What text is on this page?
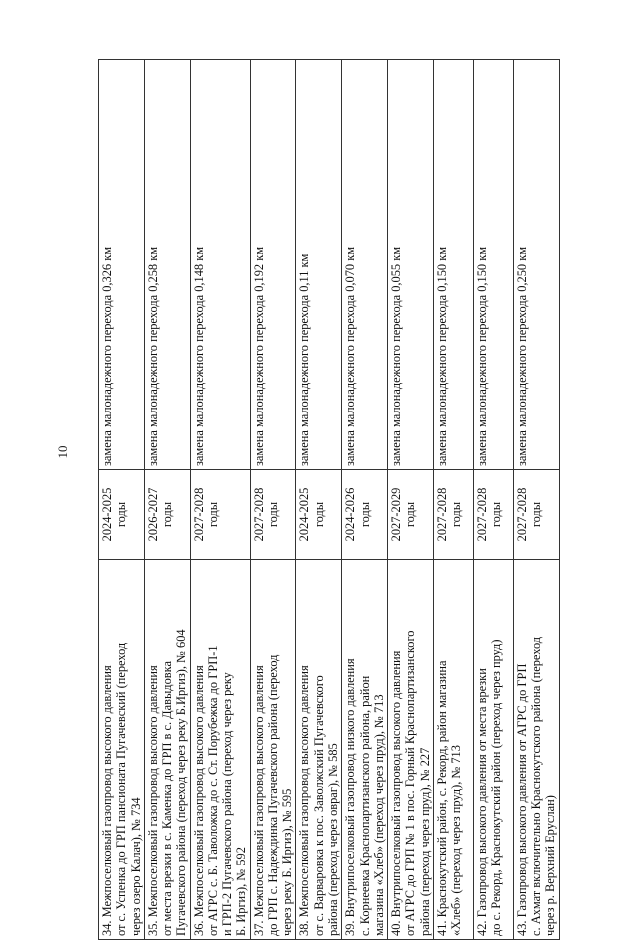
10
34. Межпоселковый газопровод высокого давления от с. Успенка до ГРП пансионата Пугачевский (переход через озеро Калач), № 734	2024-2025 годы	замена малонадежного перехода 0,326 км

35. Межпоселковый газопровод высокого давления от места врезки в с. Каменка до ГРП в с. Давыдовка Пугачевского района (переход через реку Б.Иргиз), № 604	2026-2027 годы	замена малонадежного перехода 0,258 км

36. Межпоселковый газопровод высокого давления от АГРС с. Б. Таволожка до с. Ст. Порубежка до ГРП-1 и ГРП-2 Пугачевского района (переход через реку Б. Иргиз), № 592	2027-2028 годы	замена малонадежного перехода 0,148 км

37. Межпоселковый газопровод высокого давления до ГРП с. Надеждинка Пугачевского района (переход через реку Б. Иргиз), № 595	2027-2028 годы	замена малонадежного перехода 0,192 км

38. Межпоселковый газопровод высокого давления от с. Варваровка к пос. Заволжский Пугачевского района (переход через овраг), № 585	2024-2025 годы	замена малонадежного перехода 0,11 км

39. Внутрипоселковый газопровод низкого давления с. Корнеевка Краснопартизанского района, район магазина «Хлеб» (переход через пруд), № 713	2024-2026 годы	замена малонадежного перехода 0,070 км

40. Внутрипоселковый газопровод высокого давления от АГРС до ГРП № 1 в пос. Горный Краснопартизанского района (переход через пруд), № 227	2027-2029 годы	замена малонадежного перехода 0,055 км

41. Краснокутский район, с. Рекорд, район магазина «Хлеб» (переход через пруд), № 713	2027-2028 годы	замена малонадежного перехода 0,150 км

42. Газопровод высокого давления от места врезки до с. Рекорд, Краснокутский район (переход через пруд)	2027-2028 годы	замена малонадежного перехода 0,150 км

43. Газопровод высокого давления от АГРС до ГРП с. Ахмат включительно Краснокутского района (переход через р. Верхний Еруслан)	2027-2028 годы	замена малонадежного перехода 0,250 км
